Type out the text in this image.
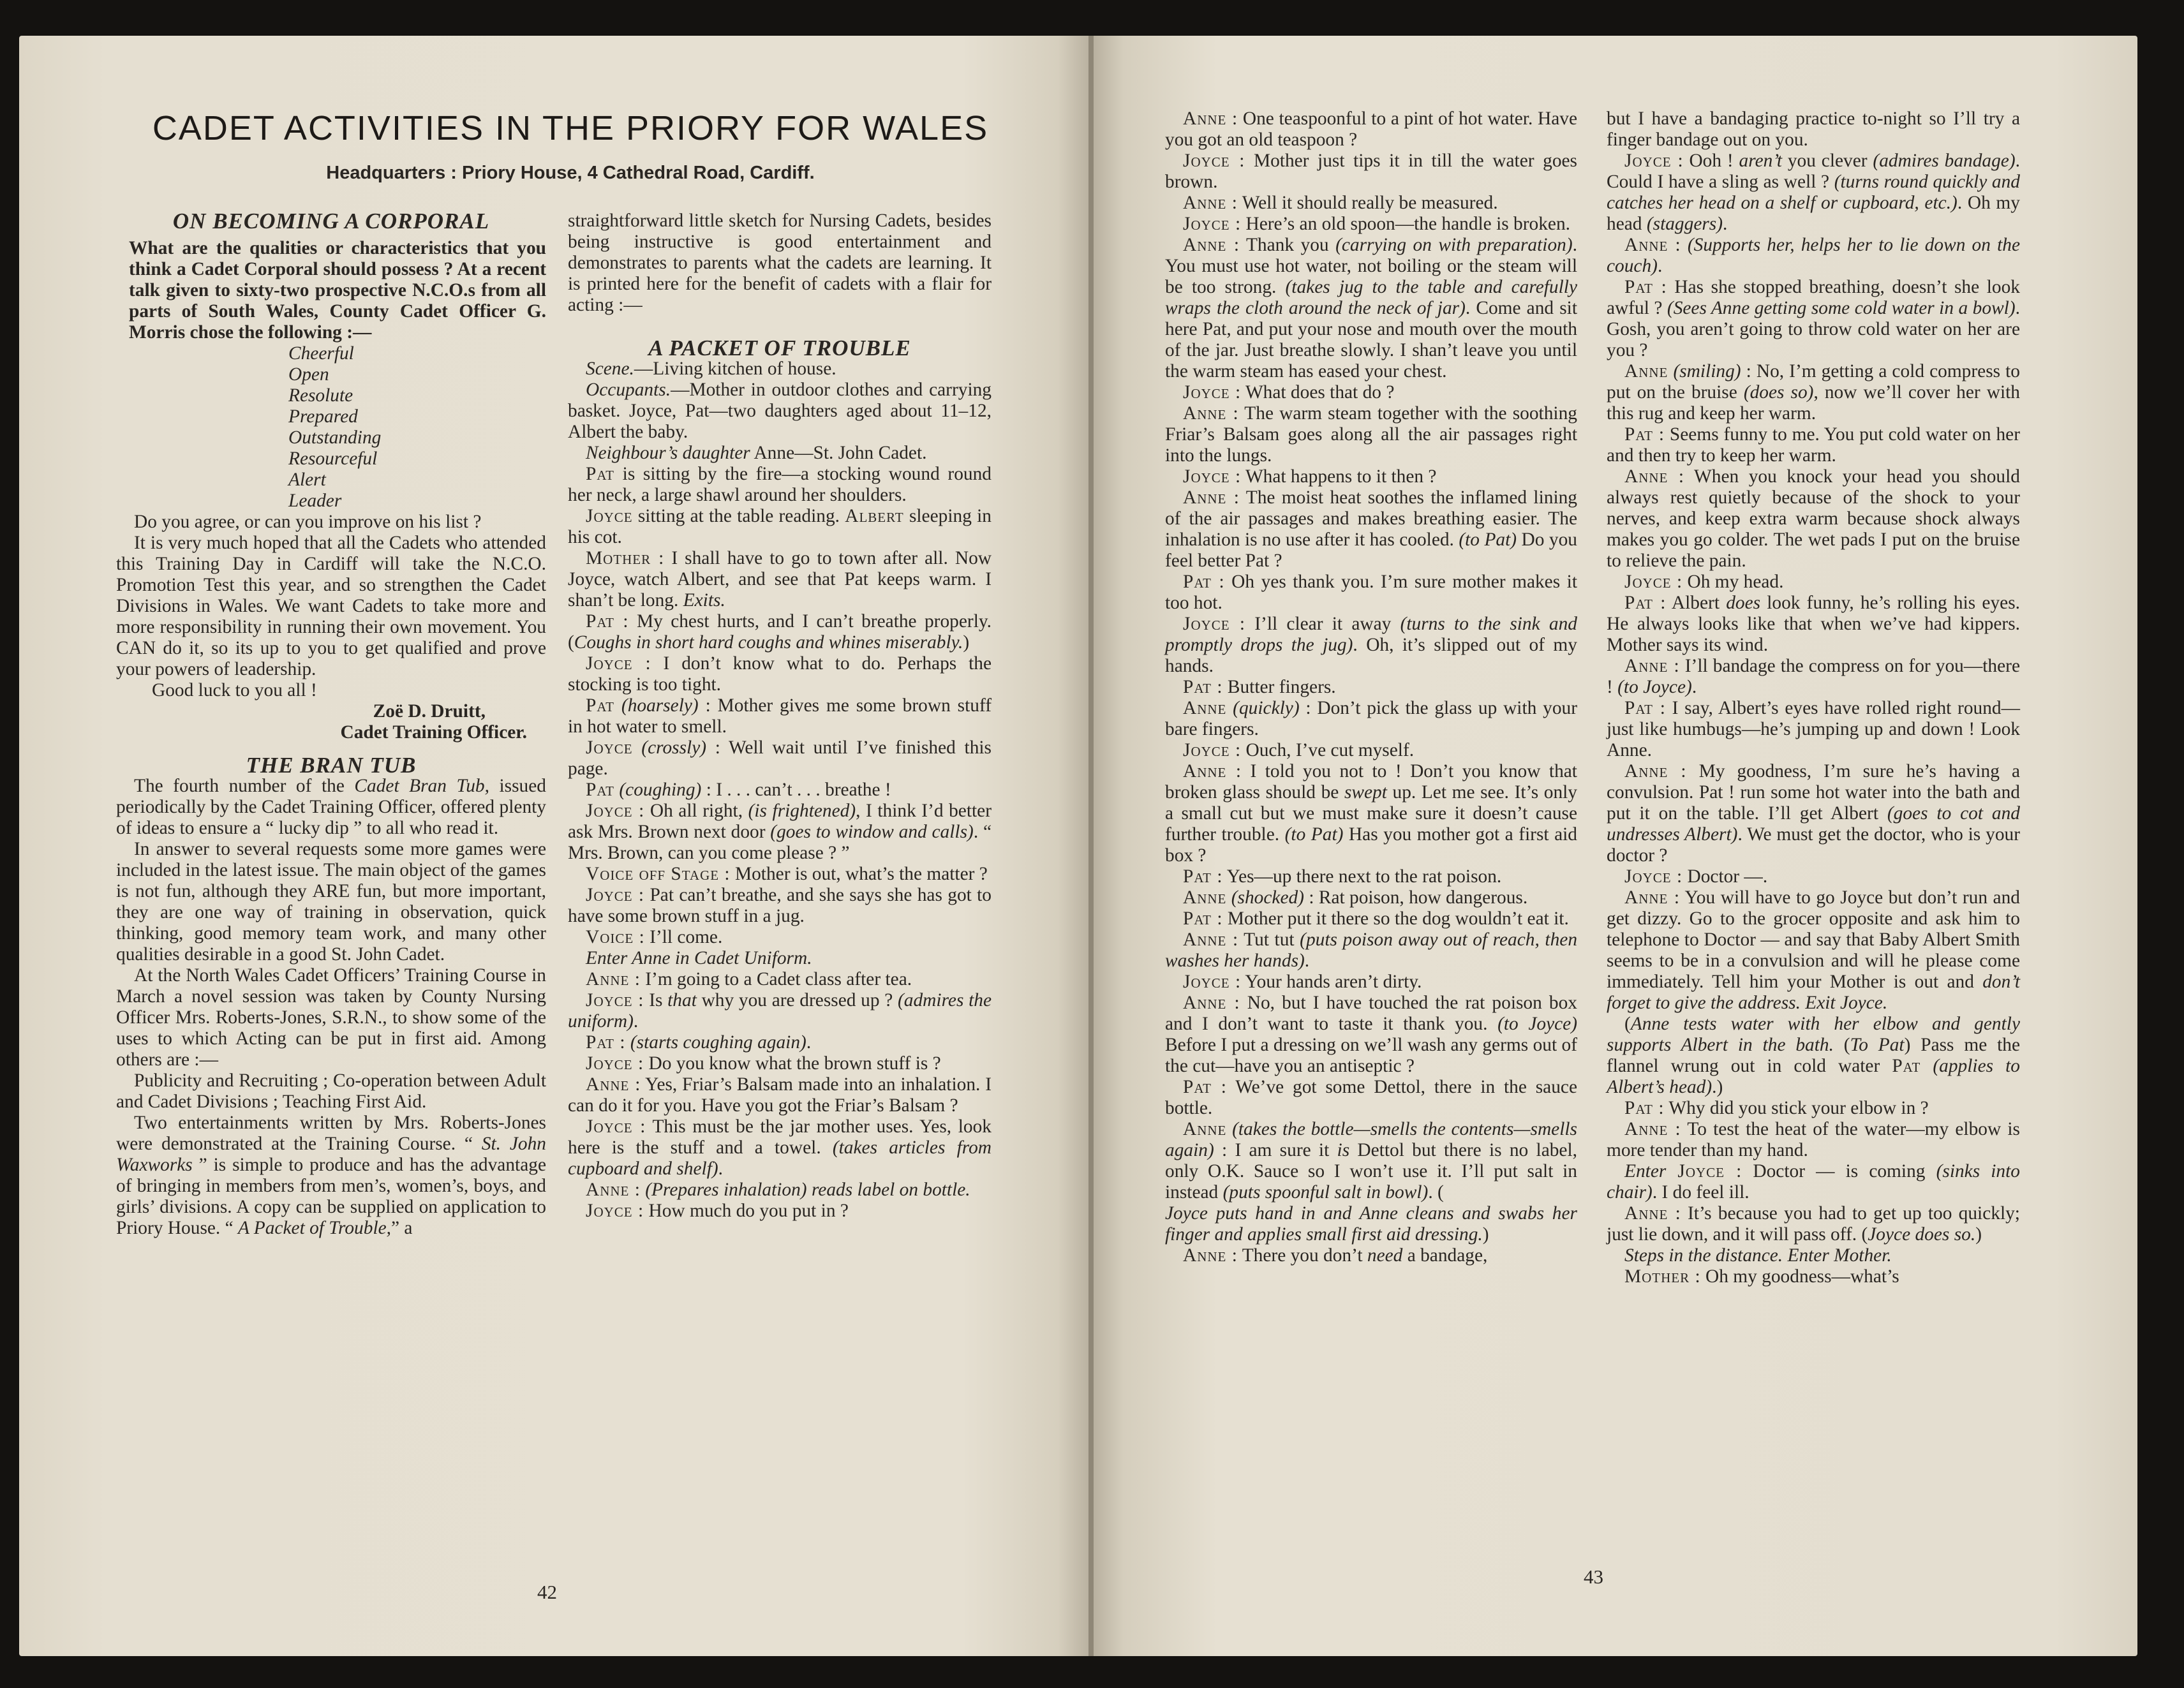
CADET ACTIVITIES IN THE PRIORY FOR WALES
Headquarters : Priory House, 4 Cathedral Road, Cardiff.

ON BECOMING A CORPORAL

What are the qualities or characteristics that you think a Cadet Corporal should possess ? At a recent talk given to sixty-two prospective N.C.O.s from all parts of South Wales, County Cadet Officer G. Morris chose the following :—

Cheerful
Open
Resolute
Prepared
Outstanding
Resourceful
Alert
Leader

Do you agree, or can you improve on his list ?

It is very much hoped that all the Cadets who attended this Training Day in Cardiff will take the N.C.O. Promotion Test this year, and so strengthen the Cadet Divisions in Wales. We want Cadets to take more and more responsibility in running their own movement. You CAN do it, so its up to you to get qualified and prove your powers of leadership.

Good luck to you all !

Zoë D. Druitt,

Cadet Training Officer.

THE BRAN TUB

The fourth number of the Cadet Bran Tub, issued periodically by the Cadet Training Officer, offered plenty of ideas to ensure a “ lucky dip ” to all who read it.

In answer to several requests some more games were included in the latest issue. The main object of the games is not fun, although they ARE fun, but more important, they are one way of training in observation, quick thinking, good memory team work, and many other qualities desirable in a good St. John Cadet.

At the North Wales Cadet Officers’ Training Course in March a novel session was taken by County Nursing Officer Mrs. Roberts-Jones, S.R.N., to show some of the uses to which Acting can be put in first aid. Among others are :—

Publicity and Recruiting ; Co-operation between Adult and Cadet Divisions ; Teaching First Aid.

Two entertainments written by Mrs. Roberts-Jones were demonstrated at the Training Course. “ St. John Waxworks ” is simple to produce and has the advantage of bringing in members from men’s, women’s, boys, and girls’ divisions. A copy can be supplied on application to Priory House. “ A Packet of Trouble,” a

straightforward little sketch for Nursing Cadets, besides being instructive is good entertainment and demonstrates to parents what the cadets are learning. It is printed here for the benefit of cadets with a flair for acting :—

A PACKET OF TROUBLE

Scene.—Living kitchen of house.

Occupants.—Mother in outdoor clothes and carrying basket. Joyce, Pat—two daughters aged about 11–12, Albert the baby.

Neighbour’s daughter Anne—St. John Cadet.

Pat is sitting by the fire—a stocking wound round her neck, a large shawl around her shoulders.

Joyce sitting at the table reading. Albert sleeping in his cot.

Mother : I shall have to go to town after all. Now Joyce, watch Albert, and see that Pat keeps warm. I shan’t be long. Exits.

Pat : My chest hurts, and I can’t breathe properly. (Coughs in short hard coughs and whines miserably.)

Joyce : I don’t know what to do. Perhaps the stocking is too tight.

Pat (hoarsely) : Mother gives me some brown stuff in hot water to smell.

Joyce (crossly) : Well wait until I’ve finished this page.

Pat (coughing) : I . . . can’t . . . breathe !

Joyce : Oh all right, (is frightened), I think I’d better ask Mrs. Brown next door (goes to window and calls). “ Mrs. Brown, can you come please ? ”

Voice off Stage : Mother is out, what’s the matter ?

Joyce : Pat can’t breathe, and she says she has got to have some brown stuff in a jug.

Voice : I’ll come.

Enter Anne in Cadet Uniform.

Anne : I’m going to a Cadet class after tea.

Joyce : Is that why you are dressed up ? (admires the uniform).

Pat : (starts coughing again).

Joyce : Do you know what the brown stuff is ?

Anne : Yes, Friar’s Balsam made into an inhalation. I can do it for you. Have you got the Friar’s Balsam ?

Joyce : This must be the jar mother uses. Yes, look here is the stuff and a towel. (takes articles from cupboard and shelf).

Anne : (Prepares inhalation) reads label on bottle.

Joyce : How much do you put in ?

42

Anne : One teaspoonful to a pint of hot water. Have you got an old teaspoon ?

Joyce : Mother just tips it in till the water goes brown.

Anne : Well it should really be measured.

Joyce : Here’s an old spoon—the handle is broken.

Anne : Thank you (carrying on with preparation). You must use hot water, not boiling or the steam will be too strong. (takes jug to the table and carefully wraps the cloth around the neck of jar). Come and sit here Pat, and put your nose and mouth over the mouth of the jar. Just breathe slowly. I shan’t leave you until the warm steam has eased your chest.

Joyce : What does that do ?

Anne : The warm steam together with the soothing Friar’s Balsam goes along all the air passages right into the lungs.

Joyce : What happens to it then ?

Anne : The moist heat soothes the inflamed lining of the air passages and makes breathing easier. The inhalation is no use after it has cooled. (to Pat) Do you feel better Pat ?

Pat : Oh yes thank you. I’m sure mother makes it too hot.

Joyce : I’ll clear it away (turns to the sink and promptly drops the jug). Oh, it’s slipped out of my hands.

Pat : Butter fingers.

Anne (quickly) : Don’t pick the glass up with your bare fingers.

Joyce : Ouch, I’ve cut myself.

Anne : I told you not to ! Don’t you know that broken glass should be swept up. Let me see. It’s only a small cut but we must make sure it doesn’t cause further trouble. (to Pat) Has you mother got a first aid box ?

Pat : Yes—up there next to the rat poison.

Anne (shocked) : Rat poison, how dangerous.

Pat : Mother put it there so the dog wouldn’t eat it.

Anne : Tut tut (puts poison away out of reach, then washes her hands).

Joyce : Your hands aren’t dirty.

Anne : No, but I have touched the rat poison box and I don’t want to taste it thank you. (to Joyce) Before I put a dressing on we’ll wash any germs out of the cut—have you an antiseptic ?

Pat : We’ve got some Dettol, there in the sauce bottle.

Anne (takes the bottle—smells the contents—smells again) : I am sure it is Dettol but there is no label, only O.K. Sauce so I won’t use it. I’ll put salt in instead (puts spoonful salt in bowl). (

Joyce puts hand in and Anne cleans and swabs her finger and applies small first aid dressing.)

Anne : There you don’t need a bandage,

but I have a bandaging practice to-night so I’ll try a finger bandage out on you.

Joyce : Ooh ! aren’t you clever (admires bandage). Could I have a sling as well ? (turns round quickly and catches her head on a shelf or cupboard, etc.). Oh my head (staggers).

Anne : (Supports her, helps her to lie down on the couch).

Pat : Has she stopped breathing, doesn’t she look awful ? (Sees Anne getting some cold water in a bowl). Gosh, you aren’t going to throw cold water on her are you ?

Anne (smiling) : No, I’m getting a cold compress to put on the bruise (does so), now we’ll cover her with this rug and keep her warm.

Pat : Seems funny to me. You put cold water on her and then try to keep her warm.

Anne : When you knock your head you should always rest quietly because of the shock to your nerves, and keep extra warm because shock always makes you go colder. The wet pads I put on the bruise to relieve the pain.

Joyce : Oh my head.

Pat : Albert does look funny, he’s rolling his eyes. He always looks like that when we’ve had kippers. Mother says its wind.

Anne : I’ll bandage the compress on for you—there ! (to Joyce).

Pat : I say, Albert’s eyes have rolled right round—just like humbugs—he’s jumping up and down ! Look Anne.

Anne : My goodness, I’m sure he’s having a convulsion. Pat ! run some hot water into the bath and put it on the table. I’ll get Albert (goes to cot and undresses Albert). We must get the doctor, who is your doctor ?

Joyce : Doctor —.

Anne : You will have to go Joyce but don’t run and get dizzy. Go to the grocer opposite and ask him to telephone to Doctor — and say that Baby Albert Smith seems to be in a convulsion and will he please come immediately. Tell him your Mother is out and don’t forget to give the address. Exit Joyce.

(Anne tests water with her elbow and gently supports Albert in the bath. (To Pat) Pass me the flannel wrung out in cold water Pat (applies to Albert’s head).)

Pat : Why did you stick your elbow in ?

Anne : To test the heat of the water—my elbow is more tender than my hand.

Enter Joyce : Doctor — is coming (sinks into chair). I do feel ill.

Anne : It’s because you had to get up too quickly; just lie down, and it will pass off. (Joyce does so.)

Steps in the distance. Enter Mother.

Mother : Oh my goodness—what’s

43
